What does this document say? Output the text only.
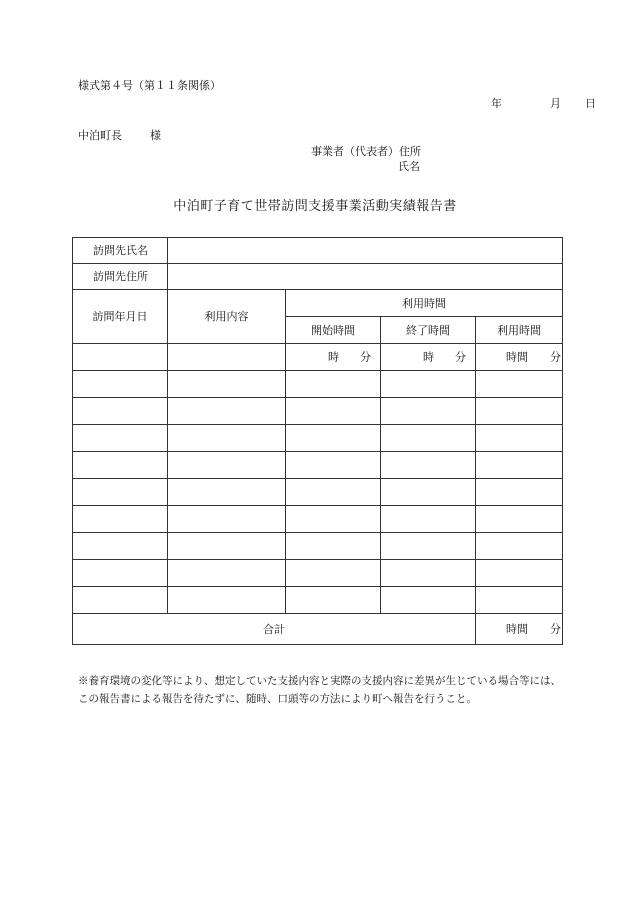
様式第４号（第１１条関係）
年	月 日
中泊町長	様
事業者（代表者）住所
氏名
中泊町子育て世帯訪問支援事業活動実績報告書
訪問先氏名				
訪問先住所				
訪問年月日	利用内容	利用時間		
		開始時間	終了時間	利用時間

		時 分	時 分	時間 分

合計				時間 分
※養育環境の変化等により、想定していた支援内容と実際の支援内容に差異が生じている場合等には、
この報告書による報告を待たずに、随時、口頭等の方法により町へ報告を行うこと。
